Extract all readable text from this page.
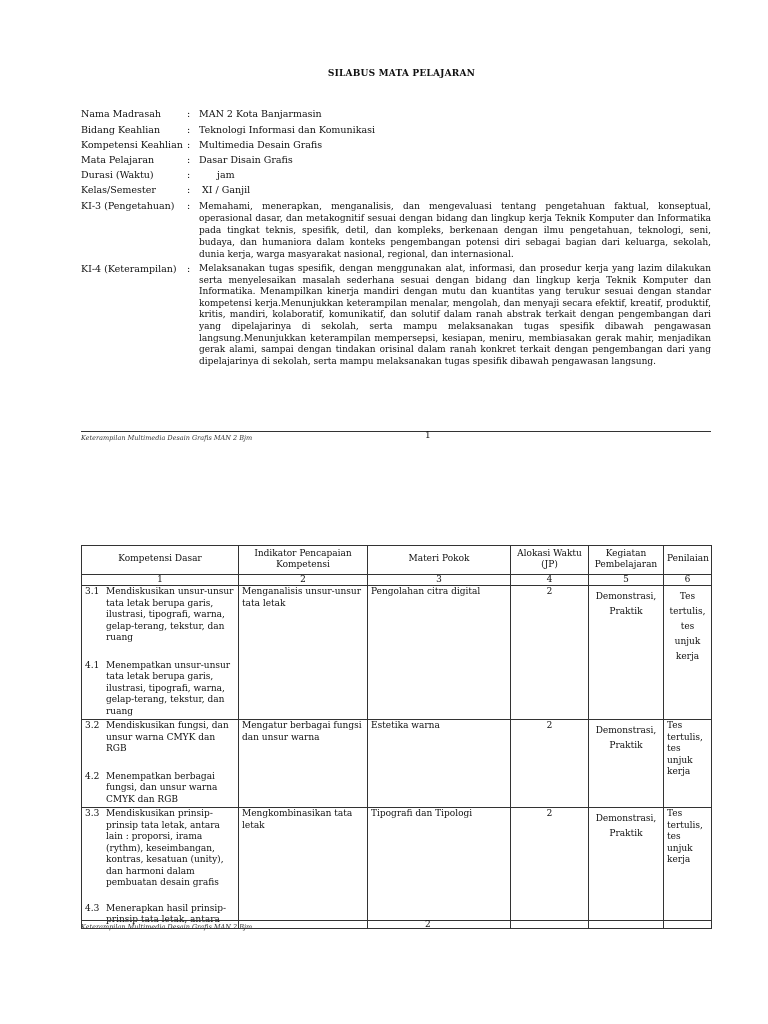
SILABUS MATA PELAJARAN
Nama Madrasah	: MAN 2 Kota Banjarmasin
Bidang Keahlian	: Teknologi Informasi dan Komunikasi
Kompetensi Keahlian : Multimedia Desain Grafis
Mata Pelajaran	: Dasar Disain Grafis
Durasi (Waktu)	:	jam
Kelas/Semester	: XI / Ganjil
KI-3 (Pengetahuan)	: Memahami, menerapkan, menganalisis, dan mengevaluasi tentang pengetahuan faktual, konseptual, operasional dasar, dan metakognitif sesuai dengan bidang dan lingkup kerja Teknik Komputer dan Informatika pada tingkat teknis, spesifik, detil, dan kompleks, berkenaan dengan ilmu pengetahuan, teknologi, seni, budaya, dan humaniora dalam konteks pengembangan potensi diri sebagai bagian dari keluarga, sekolah, dunia kerja, warga masyarakat nasional, regional, dan internasional.
KI-4 (Keterampilan)	: Melaksanakan tugas spesifik, dengan menggunakan alat, informasi, dan prosedur kerja yang lazim dilakukan serta menyelesaikan masalah sederhana sesuai dengan bidang dan lingkup kerja Teknik Komputer dan Informatika. Menampilkan kinerja mandiri dengan mutu dan kuantitas yang terukur sesuai dengan standar kompetensi kerja.Menunjukkan keterampilan menalar, mengolah, dan menyaji secara efektif, kreatif, produktif, kritis, mandiri, kolaboratif, komunikatif, dan solutif dalam ranah abstrak terkait dengan pengembangan dari yang dipelajarinya di sekolah, serta mampu melaksanakan tugas spesifik dibawah pengawasan langsung.Menunjukkan keterampilan mempersepsi, kesiapan, meniru, membiasakan gerak mahir, menjadikan gerak alami, sampai dengan tindakan orisinal dalam ranah konkret terkait dengan pengembangan dari yang dipelajarinya di sekolah, serta mampu melaksanakan tugas spesifik dibawah pengawasan langsung.
Keterampilan Multimedia Desain Grafis MAN 2 Bjm	1
Kompetensi Dasar	Indikator Pencapaian Kompetensi	Materi Pokok	Alokasi Waktu (JP)	Kegiatan Pembelajaran	Penilaian
1	2	3	4	5	6

3.1 Mendiskusikan unsur-unsur tata letak berupa garis, ilustrasi, tipografi, warna, gelap-terang, tekstur, dan ruang
4.1 Menempatkan unsur-unsur tata letak berupa garis, ilustrasi, tipografi, warna, gelap-terang, tekstur, dan ruang	Menganalisis unsur-unsur tata letak	Pengolahan citra digital	2	Demonstrasi, Praktik	Tes tertulis, tes unjuk kerja

3.2 Mendiskusikan fungsi, dan unsur warna CMYK dan RGB
4.2 Menempatkan berbagai fungsi, dan unsur warna CMYK dan RGB	Mengatur berbagai fungsi dan unsur warna	Estetika warna	2	Demonstrasi, Praktik	Tes tertulis, tes unjuk kerja

3.3 Mendiskusikan prinsip-prinsip tata letak, antara lain : proporsi, irama (rythm), keseimbangan, kontras, kesatuan (unity), dan harmoni dalam pembuatan desain grafis
4.3 Menerapkan hasil prinsip-prinsip tata letak, antara	Mengkombinasikan tata letak	Tipografi dan Tipologi	2	Demonstrasi, Praktik	Tes tertulis, tes unjuk kerja
Keterampilan Multimedia Desain Grafis MAN 2 Bjm	2
